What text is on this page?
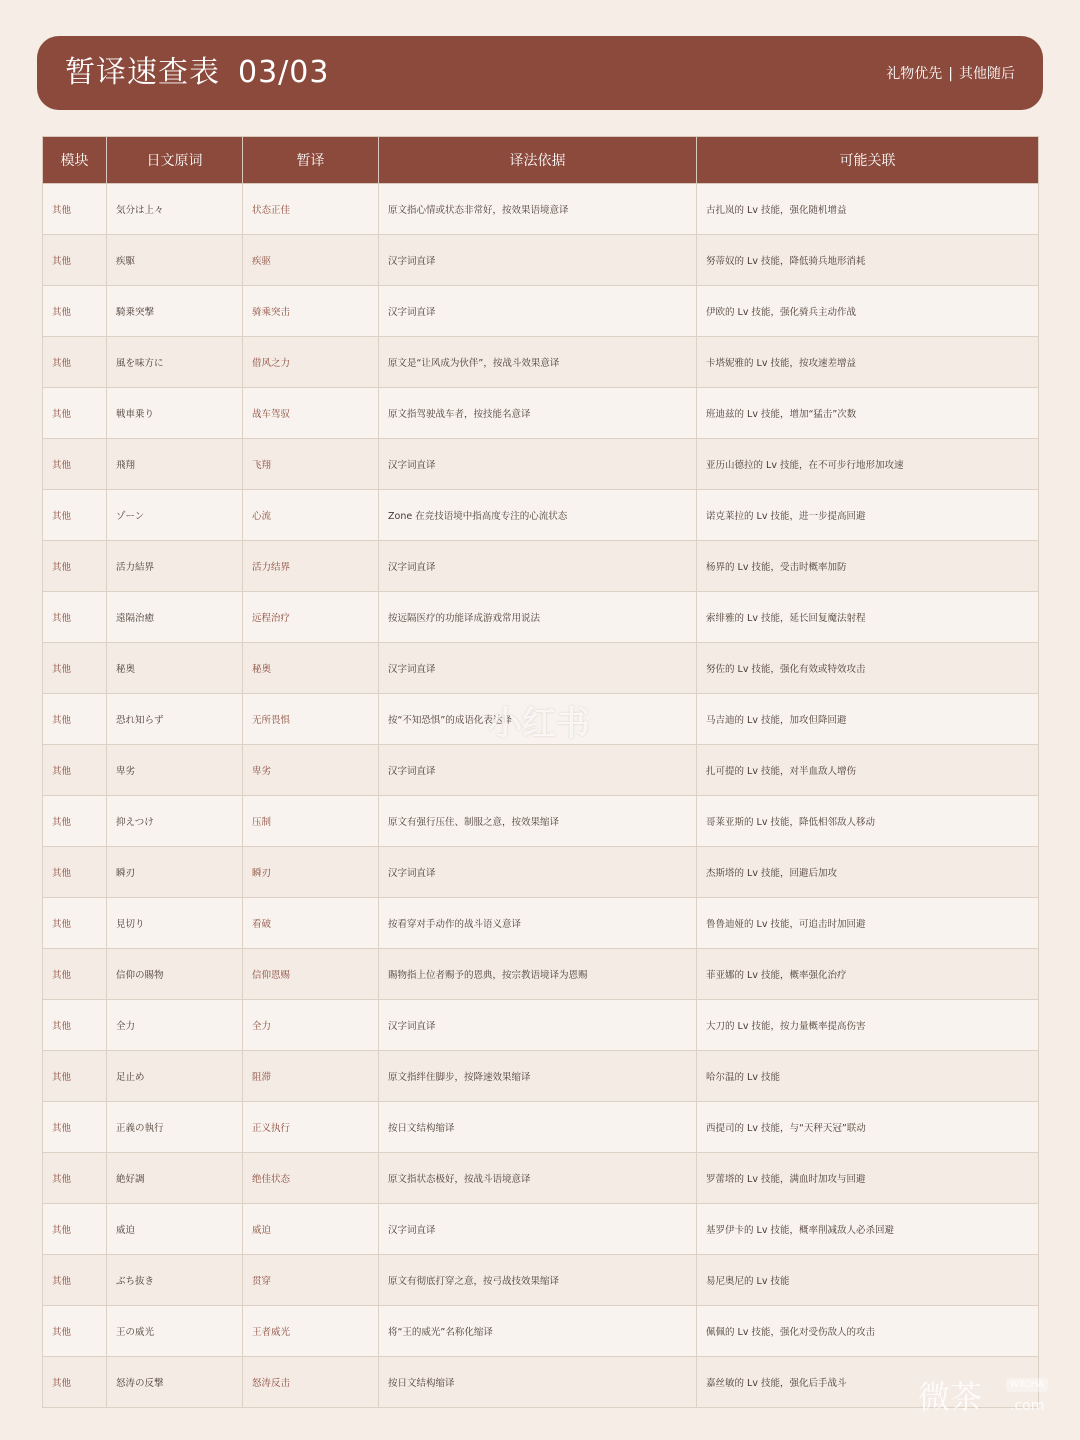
暂译速查表 03/03	礼物优先 | 其他随后
模块	日文原词	暂译	译法依据	可能关联
其他	気分は上々	状态正佳	原文指心情或状态非常好，按效果语境意译	古扎岚的 Lv 技能，强化随机增益
其他	疾駆	疾驱	汉字词直译	努蒂奴的 Lv 技能，降低骑兵地形消耗
其他	騎乗突撃	骑乘突击	汉字词直译	伊欧的 Lv 技能，强化骑兵主动作战
其他	風を味方に	借风之力	原文是“让风成为伙伴”，按战斗效果意译	卡塔妮雅的 Lv 技能，按攻速差增益
其他	戦車乗り	战车驾驭	原文指驾驶战车者，按技能名意译	班迪兹的 Lv 技能，增加“猛击”次数
其他	飛翔	飞翔	汉字词直译	亚历山德拉的 Lv 技能，在不可步行地形加攻速
其他	ゾーン	心流	Zone 在竞技语境中指高度专注的心流状态	诺克莱拉的 Lv 技能，进一步提高回避
其他	活力結界	活力结界	汉字词直译	杨界的 Lv 技能，受击时概率加防
其他	遠隔治癒	远程治疗	按远隔医疗的功能译成游戏常用说法	索绯雅的 Lv 技能，延长回复魔法射程
其他	秘奥	秘奥	汉字词直译	努佐的 Lv 技能，强化有效或特效攻击
其他	恐れ知らず	无所畏惧	按“不知恐惧”的成语化表达译	马吉迪的 Lv 技能，加攻但降回避
其他	卑劣	卑劣	汉字词直译	扎可提的 Lv 技能，对半血敌人增伤
其他	抑えつけ	压制	原文有强行压住、制服之意，按效果缩译	哥莱亚斯的 Lv 技能，降低相邻敌人移动
其他	瞬刃	瞬刃	汉字词直译	杰斯塔的 Lv 技能，回避后加攻
其他	見切り	看破	按看穿对手动作的战斗语义意译	鲁鲁迪娅的 Lv 技能，可追击时加回避
其他	信仰の賜物	信仰恩赐	賜物指上位者赐予的恩典，按宗教语境译为恩赐	菲亚娜的 Lv 技能，概率强化治疗
其他	全力	全力	汉字词直译	大刀的 Lv 技能，按力量概率提高伤害
其他	足止め	阻滞	原文指绊住脚步，按降速效果缩译	哈尔温的 Lv 技能
其他	正義の執行	正义执行	按日文结构缩译	西提司的 Lv 技能，与“天秤天冠”联动
其他	絶好調	绝佳状态	原文指状态极好，按战斗语境意译	罗蕾塔的 Lv 技能，满血时加攻与回避
其他	威迫	威迫	汉字词直译	基罗伊卡的 Lv 技能，概率削减敌人必杀回避
其他	ぶち抜き	贯穿	原文有彻底打穿之意，按弓战技效果缩译	易尼奥尼的 Lv 技能
其他	王の威光	王者威光	将“王的威光”名称化缩译	佩佩的 Lv 技能，强化对受伤敌人的攻击
其他	怒涛の反撃	怒涛反击	按日文结构缩译	嘉丝敏的 Lv 技能，强化后手战斗
小红书
微茶	WXCHA
.com
